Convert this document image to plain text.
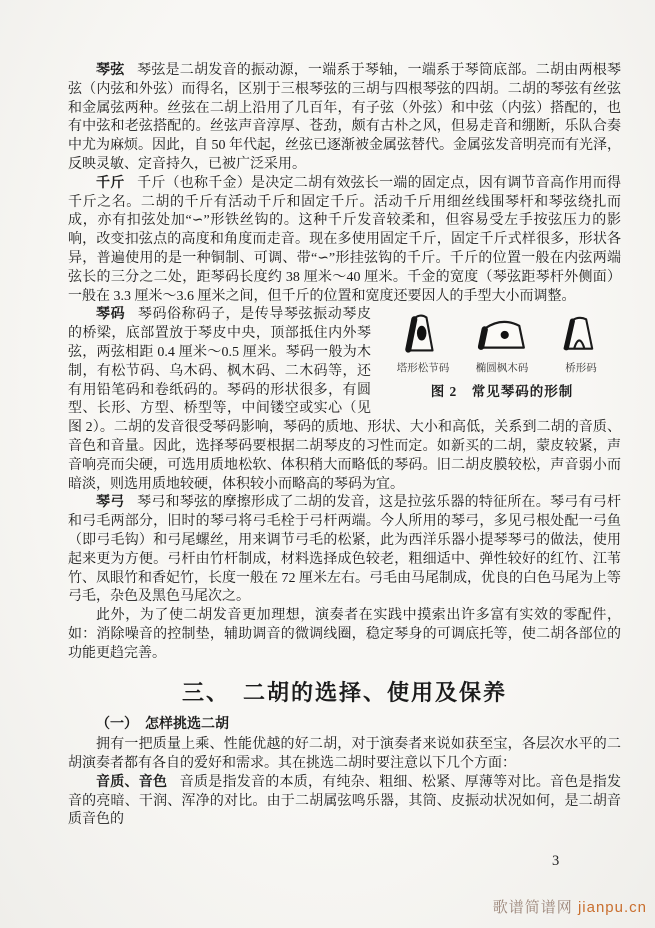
琴弦 琴弦是二胡发音的振动源，一端系于琴轴，一端系于琴筒底部。二胡由两根琴弦（内弦和外弦）而得名，区别于三根琴弦的三胡与四根琴弦的四胡。二胡的琴弦有丝弦和金属弦两种。丝弦在二胡上沿用了几百年，有子弦（外弦）和中弦（内弦）搭配的，也有中弦和老弦搭配的。丝弦声音淳厚、苍劲，颇有古朴之风，但易走音和绷断，乐队合奏中尤为麻烦。因此，自 50 年代起，丝弦已逐渐被金属弦替代。金属弦发音明亮而有光泽，反映灵敏、定音持久，已被广泛采用。

千斤 千斤（也称千金）是决定二胡有效弦长一端的固定点，因有调节音高作用而得千斤之名。二胡的千斤有活动千斤和固定千斤。活动千斤用细丝线围琴杆和琴弦绕扎而成，亦有扣弦处加“∽”形铁丝钩的。这种千斤发音较柔和，但容易受左手按弦压力的影响，改变扣弦点的高度和角度而走音。现在多使用固定千斤，固定千斤式样很多，形状各异，普遍使用的是一种铜制、可调、带“∽”形挂弦钩的千斤。千斤的位置一般在内弦两端弦长的三分之二处，距琴码长度约 38 厘米～40 厘米。千金的宽度（琴弦距琴杆外侧面）一般在 3.3 厘米～3.6 厘米之间，但千斤的位置和宽度还要因人的手型大小而调整。

塔形松节码	椭圆枫木码	桥形码
图 2　常见琴码的形制
琴码 琴码俗称码子，是传导琴弦振动琴皮的桥梁，底部置放于琴皮中央，顶部抵住内外琴弦，两弦相距 0.4 厘米～0.5 厘米。琴码一般为木制，有松节码、乌木码、枫木码、二木码等，还有用铅笔码和卷纸码的。琴码的形状很多，有圆型、长形、方型、桥型等，中间镂空或实心（见图 2）。二胡的发音很受琴码影响，琴码的质地、形状、大小和高低，关系到二胡的音质、音色和音量。因此，选择琴码要根据二胡琴皮的习性而定。如新买的二胡，蒙皮较紧，声音响亮而尖硬，可选用质地松软、体积稍大而略低的琴码。旧二胡皮膜较松，声音弱小而暗淡，则选用质地较硬，体积较小而略高的琴码为宜。

琴弓 琴弓和琴弦的摩擦形成了二胡的发音，这是拉弦乐器的特征所在。琴弓有弓杆和弓毛两部分，旧时的琴弓将弓毛栓于弓杆两端。今人所用的琴弓，多见弓根处配一弓鱼（即弓毛钩）和弓尾螺丝，用来调节弓毛的松紧，此为西洋乐器小提琴琴弓的做法，使用起来更为方便。弓杆由竹杆制成，材料选择成色较老，粗细适中、弹性较好的红竹、江苇竹、凤眼竹和香妃竹，长度一般在 72 厘米左右。弓毛由马尾制成，优良的白色马尾为上等弓毛，杂色及黑色马尾次之。

此外，为了使二胡发音更加理想，演奏者在实践中摸索出许多富有实效的零配件，如：消除噪音的控制垫，辅助调音的微调线圈，稳定琴身的可调底托等，使二胡各部位的功能更趋完善。

三、　二胡的选择、使用及保养

（一）　怎样挑选二胡

拥有一把质量上乘、性能优越的好二胡，对于演奏者来说如获至宝，各层次水平的二胡演奏者都有各自的爱好和需求。其在挑选二胡时要注意以下几个方面：

音质、音色 音质是指发音的本质，有纯杂、粗细、松紧、厚薄等对比。音色是指发音的亮暗、干润、浑净的对比。由于二胡属弦鸣乐器，其筒、皮振动状况如何，是二胡音质音色的

3
歌谱简谱网 jianpu.cn
